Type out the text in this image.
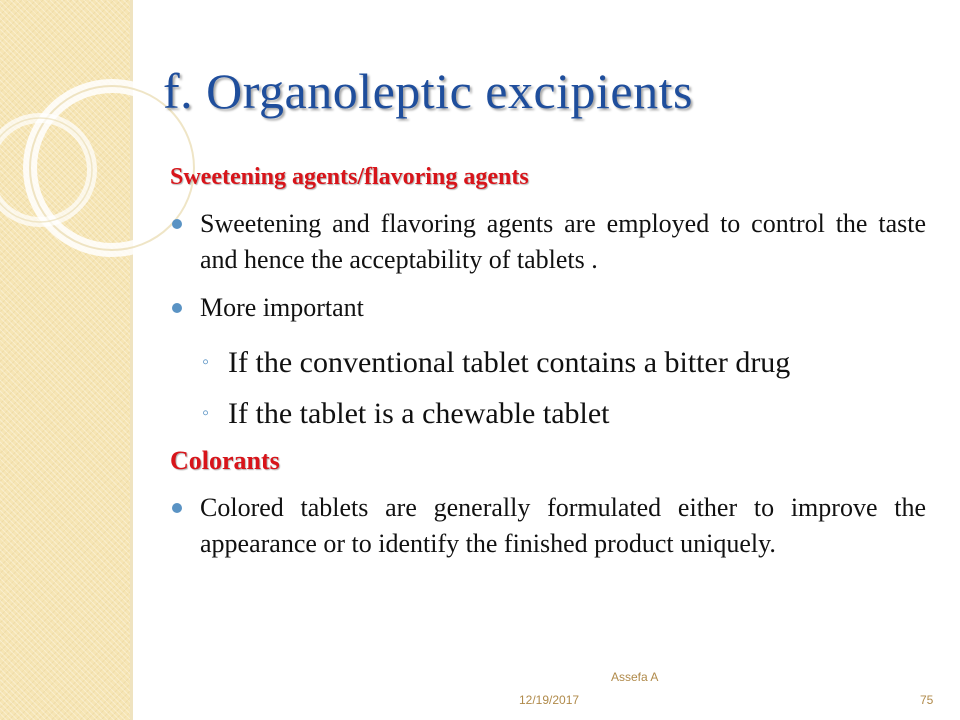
f. Organoleptic excipients
Sweetening agents/flavoring agents

Sweetening and flavoring agents are employed to control the taste and hence the acceptability of tablets .

More important

◦ If the conventional tablet contains a bitter drug

◦ If the tablet is a chewable tablet

Colorants

Colored tablets are generally formulated either to improve the appearance or to identify the finished product uniquely.

Assefa A
12/19/2017	75
